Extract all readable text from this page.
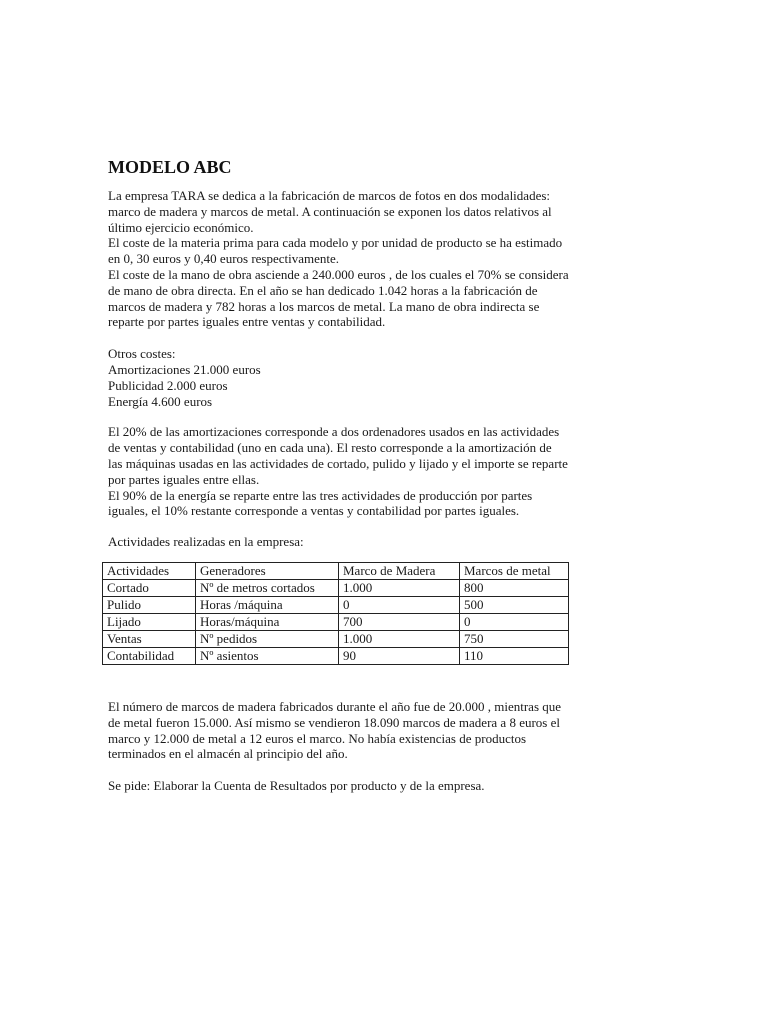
MODELO ABC

La empresa TARA se dedica a la fabricación de marcos de fotos en dos modalidades:
marco de madera y marcos de metal. A continuación se exponen los datos relativos al
último ejercicio económico.
El coste de la materia prima para cada modelo y por unidad de producto se ha estimado
en 0, 30 euros y 0,40 euros respectivamente.
El coste de la mano de obra asciende a 240.000 euros , de los cuales el 70% se considera
de mano de obra directa. En el año se han dedicado 1.042 horas a la fabricación de
marcos de madera y 782 horas a los marcos de metal. La mano de obra indirecta se
reparte por partes iguales entre ventas y contabilidad.

Otros costes:
Amortizaciones 21.000 euros
Publicidad 2.000 euros
Energía 4.600 euros

El 20% de las amortizaciones corresponde a dos ordenadores usados en las actividades
de ventas y contabilidad (uno en cada una). El resto corresponde a la amortización de
las máquinas usadas en las actividades de cortado, pulido y lijado y el importe se reparte
por partes iguales entre ellas.
El 90% de la energía se reparte entre las tres actividades de producción por partes
iguales, el 10% restante corresponde a ventas y contabilidad por partes iguales.

Actividades realizadas en la empresa:

Actividades	Generadores	Marco de Madera	Marcos de metal
Cortado	Nº de metros cortados	1.000	800
Pulido	Horas /máquina	0	500
Lijado	Horas/máquina	700	0
Ventas	Nº pedidos	1.000	750
Contabilidad	Nº asientos	90	110

El número de marcos de madera fabricados durante el año fue de 20.000 , mientras que
de metal fueron 15.000. Así mismo se vendieron 18.090 marcos de madera a 8 euros el
marco y 12.000 de metal a 12 euros el marco. No había existencias de productos
terminados en el almacén al principio del año.

Se pide: Elaborar la Cuenta de Resultados por producto y de la empresa.
